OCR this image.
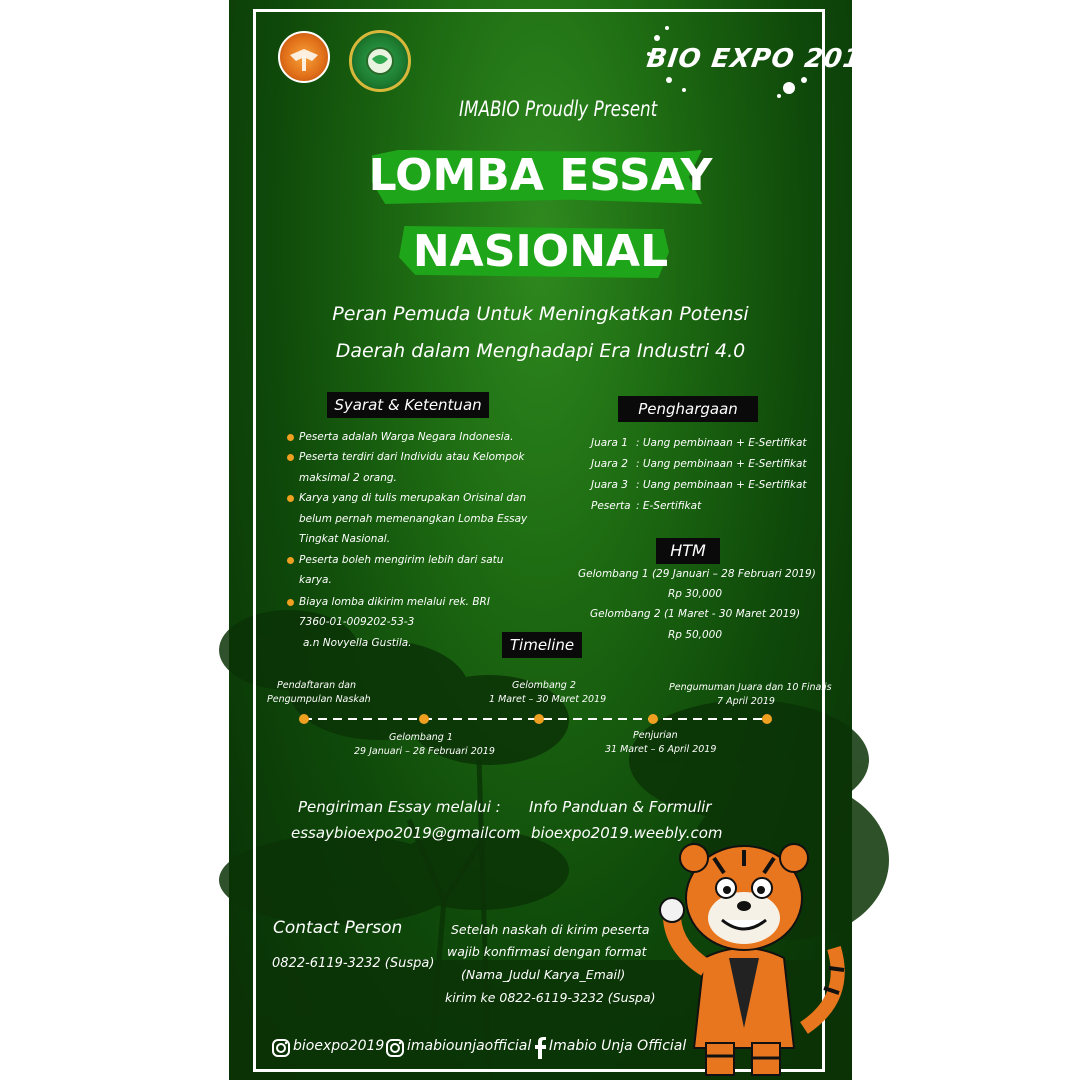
BIO EXPO 2019
IMABIO Proudly Present
LOMBA ESSAY
NASIONAL
Peran Pemuda Untuk Meningkatkan Potensi
Daerah dalam Menghadapi Era Industri 4.0
Syarat & Ketentuan
Peserta adalah Warga Negara Indonesia.
Peserta terdiri dari Individu atau Kelompok
maksimal 2 orang.
Karya yang di tulis merupakan Orisinal dan
belum pernah memenangkan Lomba Essay
Tingkat Nasional.
Peserta boleh mengirim lebih dari satu
karya.
Biaya lomba dikirim melalui rek. BRI
7360-01-009202-53-3
a.n Novyella Gustila.
Penghargaan
Juara 1 : Uang pembinaan + E-Sertifikat
Juara 2 : Uang pembinaan + E-Sertifikat
Juara 3 : Uang pembinaan + E-Sertifikat
Peserta : E-Sertifikat
HTM
Gelombang 1 (29 Januari – 28 Februari 2019)
Rp 30,000
Gelombang 2 (1 Maret - 30 Maret 2019)
Rp 50,000
Timeline
Pendaftaran dan
Pengumpulan Naskah
Gelombang 2
1 Maret – 30 Maret 2019
Pengumuman Juara dan 10 Finalis
7 April 2019
Gelombang 1
29 Januari – 28 Februari 2019
Penjurian
31 Maret – 6 April 2019
Pengiriman Essay melalui :
essaybioexpo2019@gmailcom
Info Panduan & Formulir
bioexpo2019.weebly.com
Contact Person
0822-6119-3232 (Suspa)
Setelah naskah di kirim peserta
wajib konfirmasi dengan format
(Nama_Judul Karya_Email)
kirim ke 0822-6119-3232 (Suspa)
bioexpo2019 imabiounjaofficial Imabio Unja Official
